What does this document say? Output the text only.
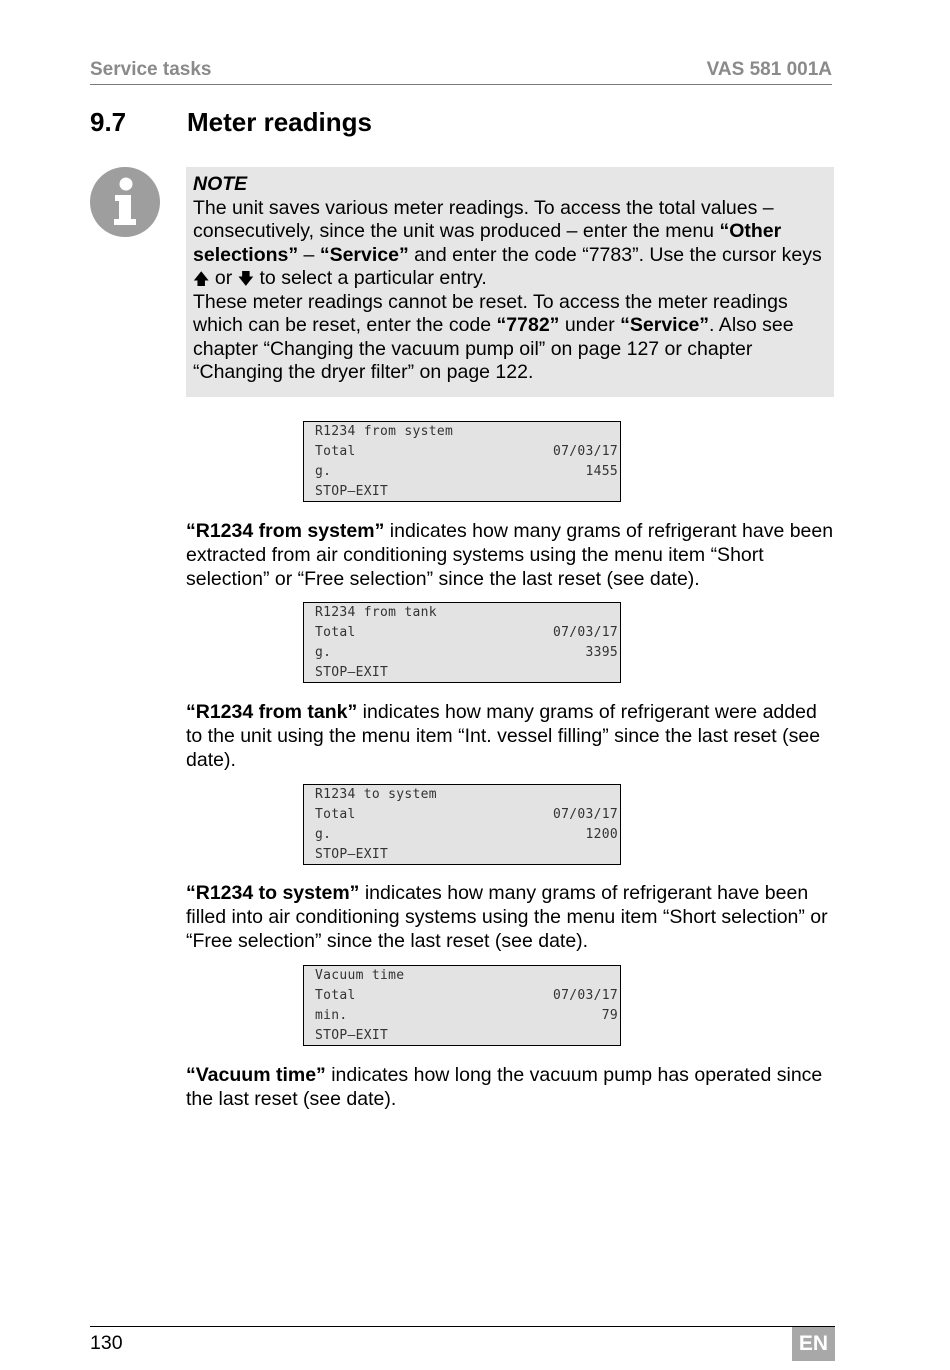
Service tasks	VAS 581 001A
9.7 Meter readings
NOTE

The unit saves various meter readings. To access the total values – consecutively, since the unit was produced – enter the menu “Other selections” – “Service” and enter the code “7783”. Use the cursor keys 🡅 or 🡇 to select a particular entry.

These meter readings cannot be reset. To access the meter readings which can be reset, enter the code “7782” under “Service”. Also see chapter “Changing the vacuum pump oil” on page 127 or chapter “Changing the dryer filter” on page 122.

R1234 from system
Total	07/03/17
g.	1455
STOP–EXIT

“R1234 from system” indicates how many grams of refrigerant have been extracted from air conditioning systems using the menu item “Short selection” or “Free selection” since the last reset (see date).

R1234 from tank
Total	07/03/17
g.	3395
STOP–EXIT

“R1234 from tank” indicates how many grams of refrigerant were added to the unit using the menu item “Int. vessel filling” since the last reset (see date).

R1234 to system
Total	07/03/17
g.	1200
STOP–EXIT

“R1234 to system” indicates how many grams of refrigerant have been filled into air conditioning systems using the menu item “Short selection” or “Free selection” since the last reset (see date).

Vacuum time
Total	07/03/17
min.	79
STOP–EXIT

“Vacuum time” indicates how long the vacuum pump has operated since the last reset (see date).

130	EN
